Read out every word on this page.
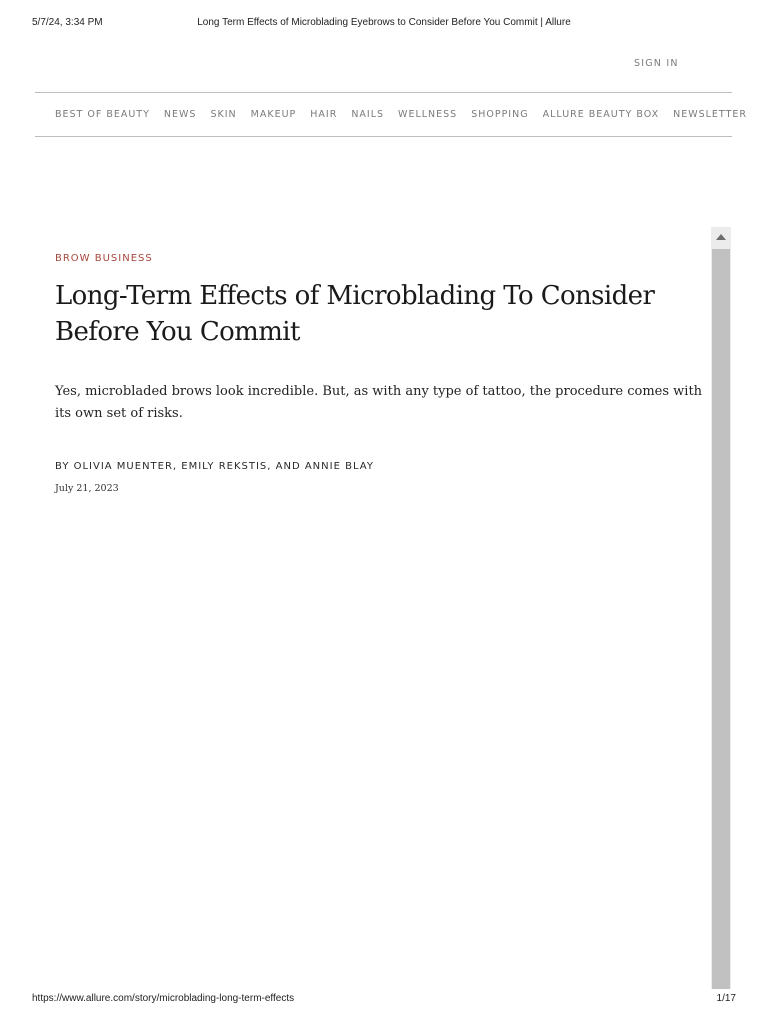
5/7/24, 3:34 PM	Long Term Effects of Microblading Eyebrows to Consider Before You Commit | Allure
SIGN IN
BEST OF BEAUTY NEWS SKIN MAKEUP HAIR NAILS WELLNESS SHOPPING ALLURE BEAUTY BOX NEWSLETTER
BROW BUSINESS
Long-Term Effects of Microblading To Consider Before You Commit

Yes, microbladed brows look incredible. But, as with any type of tattoo, the procedure comes with its own set of risks.

BY OLIVIA MUENTER, EMILY REKSTIS, AND ANNIE BLAY
July 21, 2023
https://www.allure.com/story/microblading-long-term-effects	1/17
